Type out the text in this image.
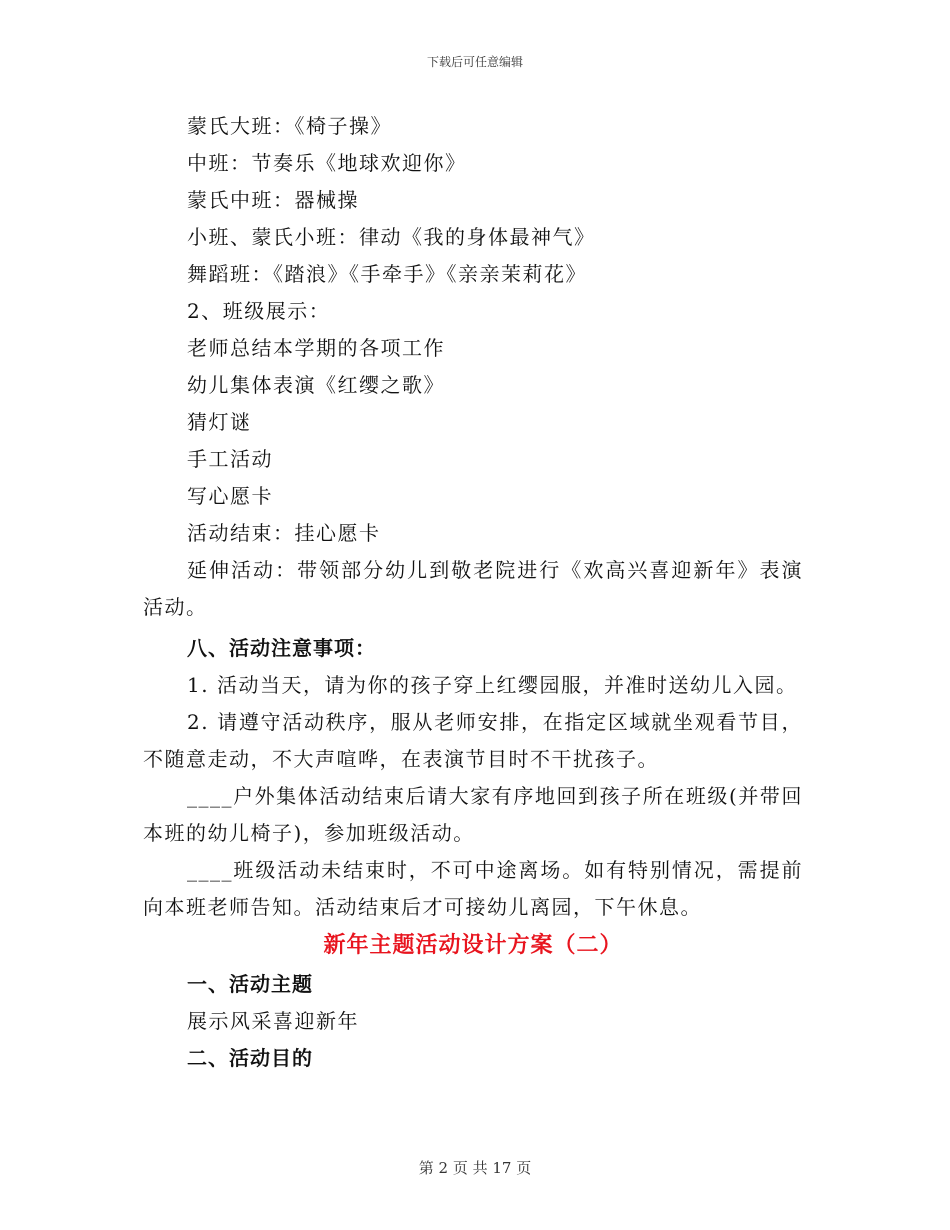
下载后可任意编辑
蒙氏大班：《椅子操》
中班：节奏乐《地球欢迎你》
蒙氏中班：器械操
小班、蒙氏小班：律动《我的身体最神气》
舞蹈班：《踏浪》《手牵手》《亲亲茉莉花》
2、班级展示：
老师总结本学期的各项工作
幼儿集体表演《红缨之歌》
猜灯谜
手工活动
写心愿卡
活动结束：挂心愿卡
延伸活动：带领部分幼儿到敬老院进行《欢高兴喜迎新年》表演活动。
八、活动注意事项：
1. 活动当天，请为你的孩子穿上红缨园服，并准时送幼儿入园。
2. 请遵守活动秩序，服从老师安排，在指定区域就坐观看节目，不随意走动，不大声喧哗，在表演节目时不干扰孩子。
____户外集体活动结束后请大家有序地回到孩子所在班级(并带回本班的幼儿椅子)，参加班级活动。
____班级活动未结束时，不可中途离场。如有特别情况，需提前向本班老师告知。活动结束后才可接幼儿离园，下午休息。
新年主题活动设计方案（二）
一、活动主题
展示风采喜迎新年
二、活动目的
第 2 页 共 17 页
